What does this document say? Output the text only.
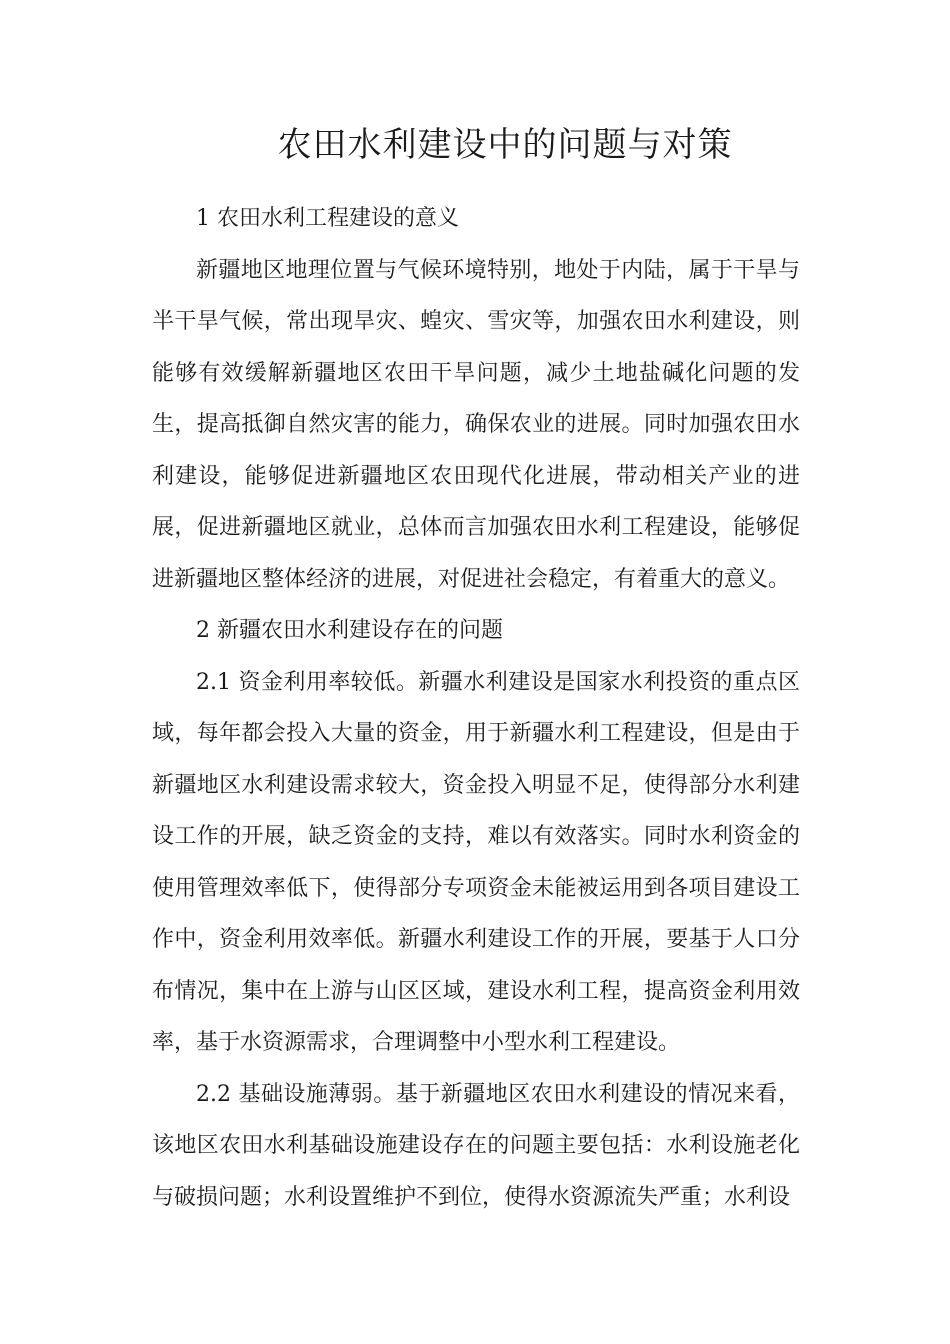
农田水利建设中的问题与对策

1 农田水利工程建设的意义

新疆地区地理位置与气候环境特别，地处于内陆，属于干旱与半干旱气候，常出现旱灾、蝗灾、雪灾等，加强农田水利建设，则能够有效缓解新疆地区农田干旱问题，减少土地盐碱化问题的发生，提高抵御自然灾害的能力，确保农业的进展。同时加强农田水利建设，能够促进新疆地区农田现代化进展，带动相关产业的进展，促进新疆地区就业，总体而言加强农田水利工程建设，能够促进新疆地区整体经济的进展，对促进社会稳定，有着重大的意义。

2 新疆农田水利建设存在的问题

2.1 资金利用率较低。新疆水利建设是国家水利投资的重点区域，每年都会投入大量的资金，用于新疆水利工程建设，但是由于新疆地区水利建设需求较大，资金投入明显不足，使得部分水利建设工作的开展，缺乏资金的支持，难以有效落实。同时水利资金的使用管理效率低下，使得部分专项资金未能被运用到各项目建设工作中，资金利用效率低。新疆水利建设工作的开展，要基于人口分布情况，集中在上游与山区区域，建设水利工程，提高资金利用效率，基于水资源需求，合理调整中小型水利工程建设。

2.2 基础设施薄弱。基于新疆地区农田水利建设的情况来看，该地区农田水利基础设施建设存在的问题主要包括：水利设施老化与破损问题；水利设置维护不到位，使得水资源流失严重；水利设
